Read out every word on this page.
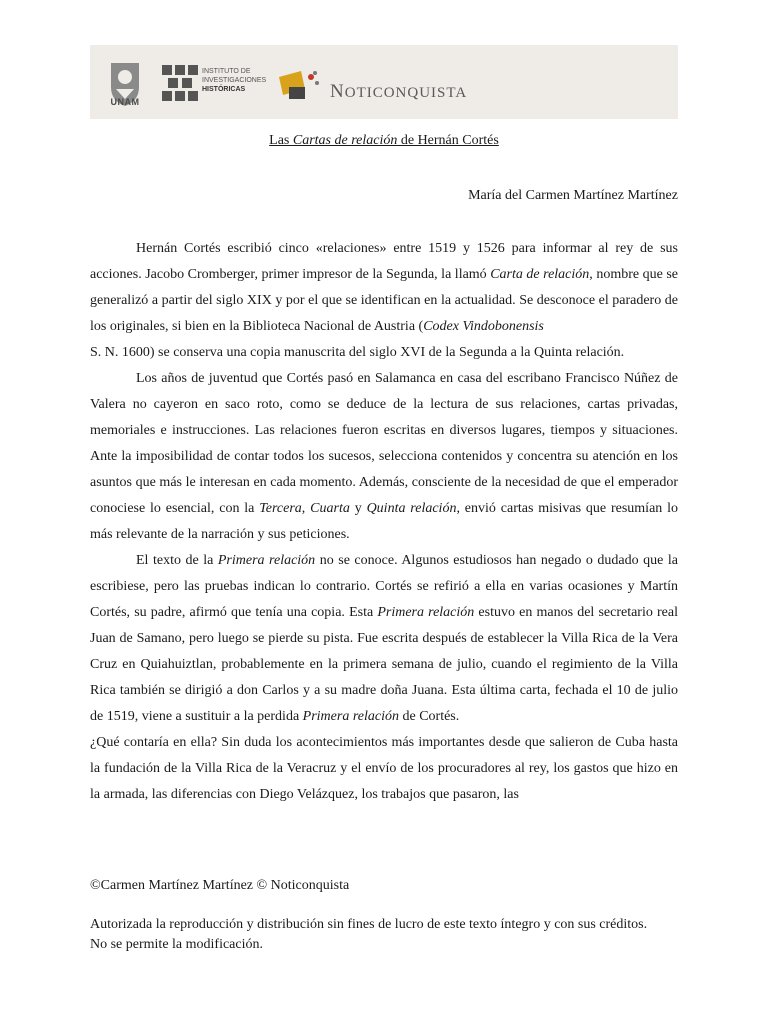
UNAM
INSTITUTO DE
INVESTIGACIONES
HISTÓRICAS	NOTICONQUISTA
Las Cartas de relación de Hernán Cortés
María del Carmen Martínez Martínez

Hernán Cortés escribió cinco «relaciones» entre 1519 y 1526 para informar al rey de sus acciones. Jacobo Cromberger, primer impresor de la Segunda, la llamó Carta de relación, nombre que se generalizó a partir del siglo XIX y por el que se identifican en la actualidad. Se desconoce el paradero de los originales, si bien en la Biblioteca Nacional de Austria (Codex Vindobonensis

S. N. 1600) se conserva una copia manuscrita del siglo XVI de la Segunda a la Quinta relación.

Los años de juventud que Cortés pasó en Salamanca en casa del escribano Francisco Núñez de Valera no cayeron en saco roto, como se deduce de la lectura de sus relaciones, cartas privadas, memoriales e instrucciones. Las relaciones fueron escritas en diversos lugares, tiempos y situaciones. Ante la imposibilidad de contar todos los sucesos, selecciona contenidos y concentra su atención en los asuntos que más le interesan en cada momento. Además, consciente de la necesidad de que el emperador conociese lo esencial, con la Tercera, Cuarta y Quinta relación, envió cartas misivas que resumían lo más relevante de la narración y sus peticiones.

El texto de la Primera relación no se conoce. Algunos estudiosos han negado o dudado que la escribiese, pero las pruebas indican lo contrario. Cortés se refirió a ella en varias ocasiones y Martín Cortés, su padre, afirmó que tenía una copia. Esta Primera relación estuvo en manos del secretario real Juan de Samano, pero luego se pierde su pista. Fue escrita después de establecer la Villa Rica de la Vera Cruz en Quiahuiztlan, probablemente en la primera semana de julio, cuando el regimiento de la Villa Rica también se dirigió a don Carlos y a su madre doña Juana. Esta última carta, fechada el 10 de julio de 1519, viene a sustituir a la perdida Primera relación de Cortés.

¿Qué contaría en ella? Sin duda los acontecimientos más importantes desde que salieron de Cuba hasta la fundación de la Villa Rica de la Veracruz y el envío de los procuradores al rey, los gastos que hizo en la armada, las diferencias con Diego Velázquez, los trabajos que pasaron, las

©Carmen Martínez Martínez © Noticonquista
Autorizada la reproducción y distribución sin fines de lucro de este texto íntegro y con sus créditos. No se permite la modificación.
